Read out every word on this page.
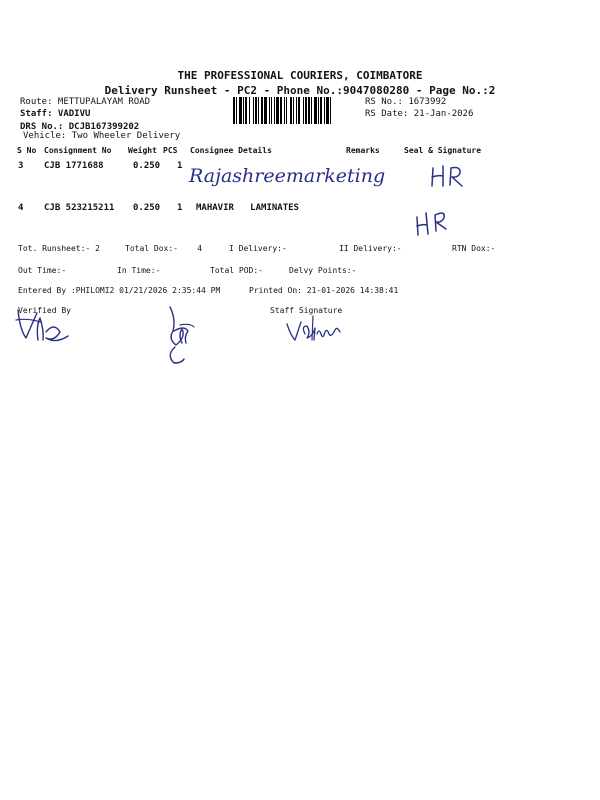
THE PROFESSIONAL COURIERS, COIMBATORE
Delivery Runsheet - PC2 - Phone No.:9047080280 - Page No.:2
Route: METTUPALAYAM ROAD
Staff: VADIVU
DRS No.: DCJB167399202
Vehicle: Two Wheeler Delivery
RS No.: 1673992
RS Date: 21-Jan-2026
S No Consignment No Weight PCS Consignee Details	Remarks	Seal & Signature
3 CJB 1771688	0.250 1 Rajashreemarketing
4 CJB 523215211 0.250 1 MAHAVIR   LAMINATES
Tot. Runsheet:- 2	Total Dox:-    4	I Delivery:-	II Delivery:-	RTN Dox:-
Out Time:-	In Time:-	Total POD:-	Delvy Points:-
Entered By :PHILOMI2 01/21/2026 2:35:44 PM	Printed On: 21-01-2026 14:38:41
Verified By	Staff Signature
